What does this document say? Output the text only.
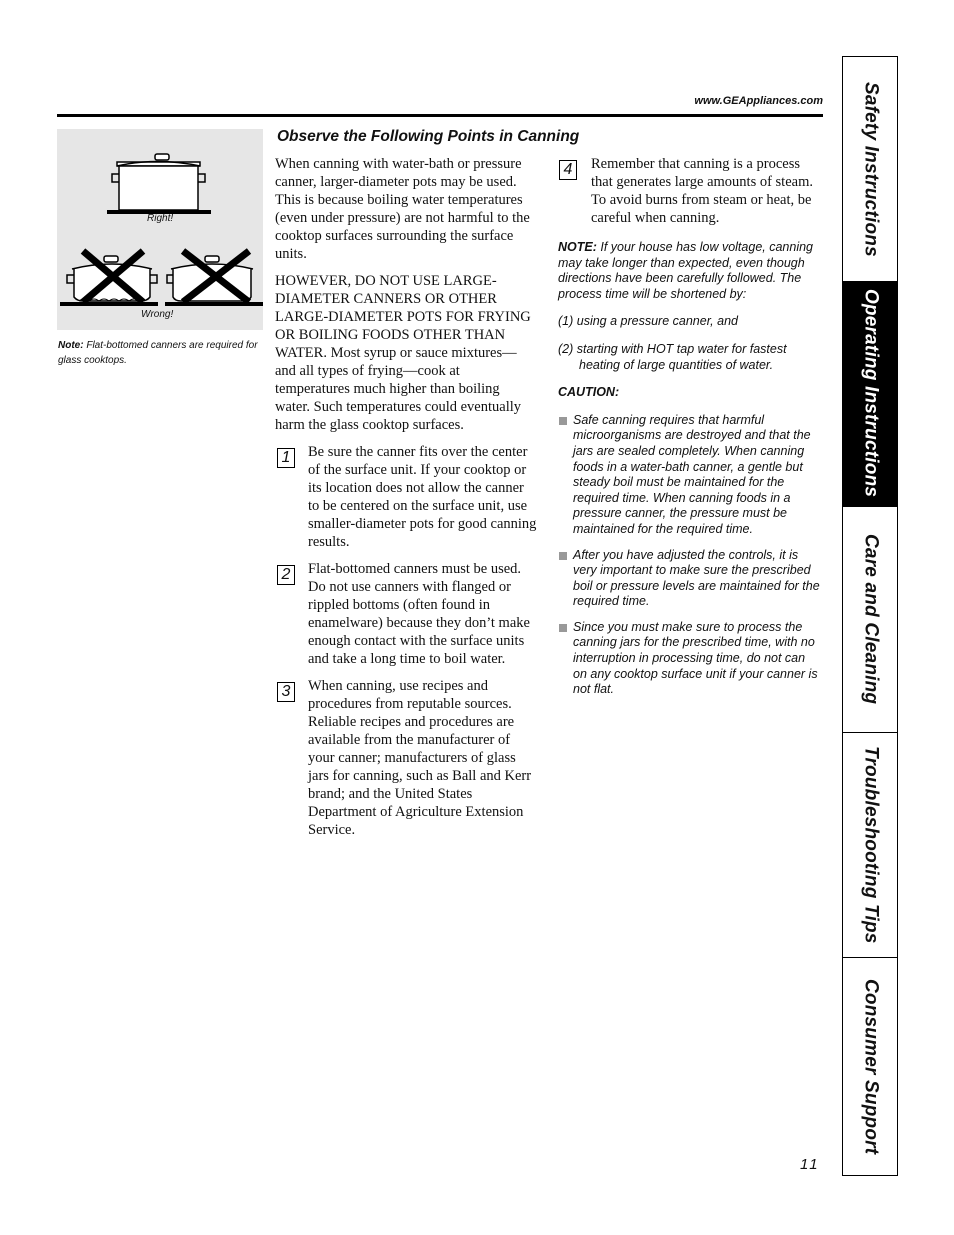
www.GEAppliances.com
Right!
Wrong!
Note: Flat-bottomed canners are required for glass cooktops.
Observe the Following Points in Canning

When canning with water-bath or pressure canner, larger-diameter pots may be used. This is because boiling water temperatures (even under pressure) are not harmful to the cooktop surfaces surrounding the surface units.

HOWEVER, DO NOT USE LARGE-DIAMETER CANNERS OR OTHER LARGE-DIAMETER POTS FOR FRYING OR BOILING FOODS OTHER THAN WATER. Most syrup or sauce mixtures—and all types of frying—cook at temperatures much higher than boiling water. Such temperatures could eventually harm the glass cooktop surfaces.

1	Be sure the canner fits over the center of the surface unit. If your cooktop or its location does not allow the canner to be centered on the surface unit, use smaller-diameter pots for good canning results.
2	Flat-bottomed canners must be used. Do not use canners with flanged or rippled bottoms (often found in enamelware) because they don’t make enough contact with the surface units and take a long time to boil water.
3	When canning, use recipes and procedures from reputable sources. Reliable recipes and procedures are available from the manufacturer of your canner; manufacturers of glass jars for canning, such as Ball and Kerr brand; and the United States Department of Agriculture Extension Service.
4	Remember that canning is a process that generates large amounts of steam. To avoid burns from steam or heat, be careful when canning.

NOTE: If your house has low voltage, canning may take longer than expected, even though directions have been carefully followed. The process time will be shortened by:

(1) using a pressure canner, and

(2) starting with HOT tap water for fastest heating of large quantities of water.

CAUTION:

Safe canning requires that harmful microorganisms are destroyed and that the jars are sealed completely. When canning foods in a water-bath canner, a gentle but steady boil must be maintained for the required time. When canning foods in a pressure canner, the pressure must be maintained for the required time.
After you have adjusted the controls, it is very important to make sure the prescribed boil or pressure levels are maintained for the required time.
Since you must make sure to process the canning jars for the prescribed time, with no interruption in processing time, do not can on any cooktop surface unit if your canner is not flat.
Safety Instructions
Operating Instructions
Care and Cleaning
Troubleshooting Tips
Consumer Support
11
